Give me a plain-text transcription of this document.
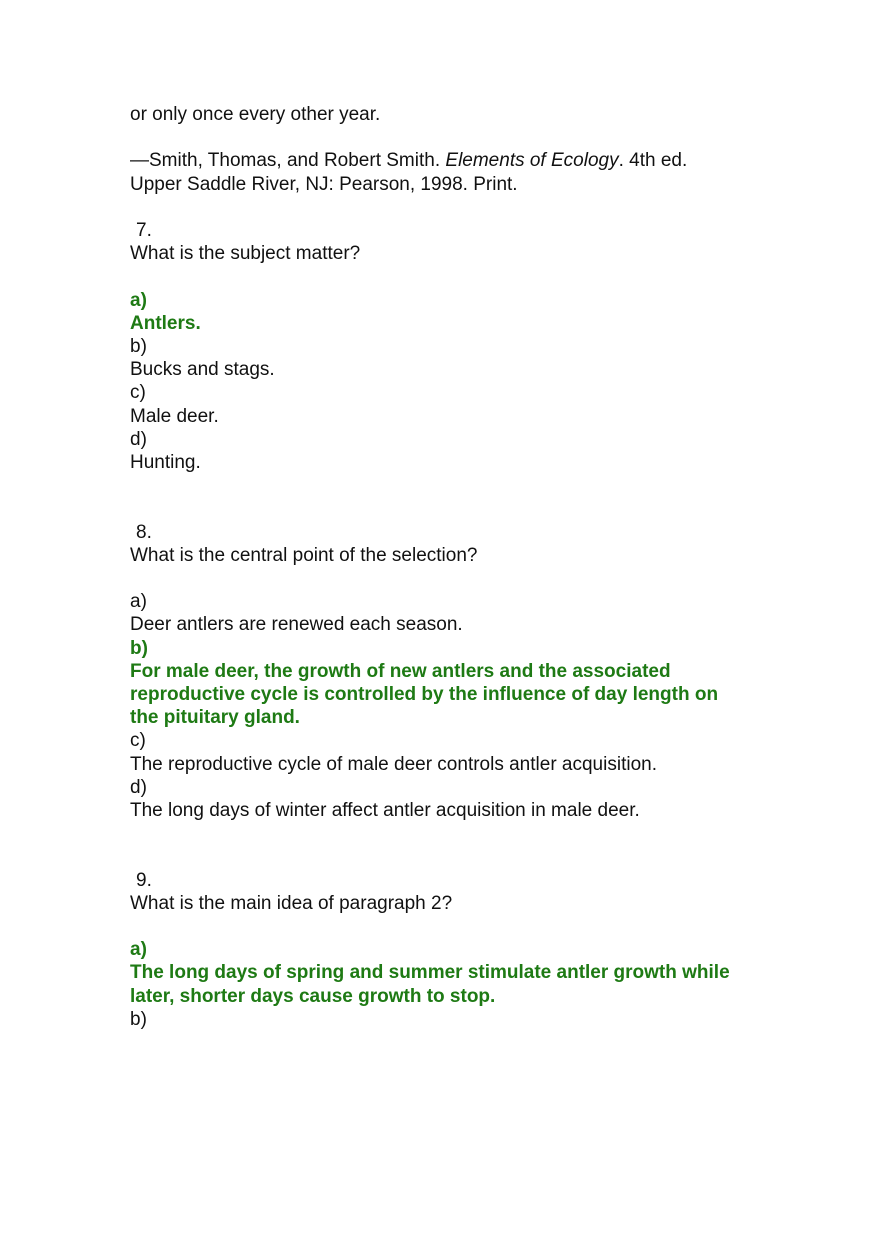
or only once every other year.
—Smith, Thomas, and Robert Smith. Elements of Ecology. 4th ed.
Upper Saddle River, NJ: Pearson, 1998. Print.
7.
What is the subject matter?
a)
Antlers.
b)
Bucks and stags.
c)
Male deer.
d)
Hunting.
8.
What is the central point of the selection?
a)
Deer antlers are renewed each season.
b)
For male deer, the growth of new antlers and the associated reproductive cycle is controlled by the influence of day length on the pituitary gland.
c)
The reproductive cycle of male deer controls antler acquisition.
d)
The long days of winter affect antler acquisition in male deer.
9.
What is the main idea of paragraph 2?
a)
The long days of spring and summer stimulate antler growth while later, shorter days cause growth to stop.
b)
